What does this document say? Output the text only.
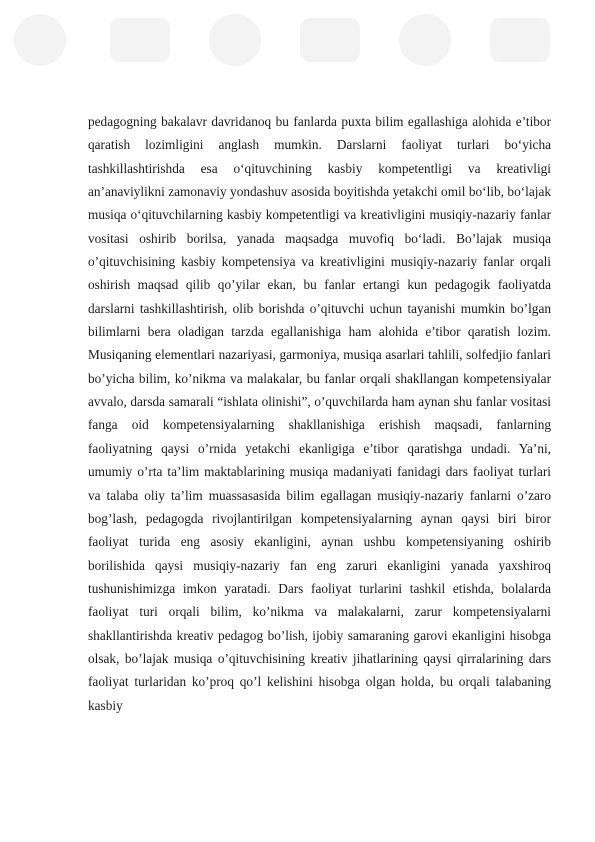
pedagogning bakalavr davridanoq bu fanlarda puxta bilim egallashiga alohida e’tibor qaratish lozimligini anglash mumkin. Darslarni faoliyat turlari bo‘yicha tashkillashtirishda esa o‘qituvchining kasbiy kompetentligi va kreativligi an’anaviylikni zamonaviy yondashuv asosida boyitishda yetakchi omil bo‘lib, bo‘lajak musiqa o‘qituvchilarning kasbiy kompetentligi va kreativligini musiqiy-nazariy fanlar vositasi oshirib borilsa, yanada maqsadga muvofiq bo‘ladi. Bo’lajak musiqa o’qituvchisining kasbiy kompetensiya va kreativligini musiqiy-nazariy fanlar orqali oshirish maqsad qilib qo’yilar ekan, bu fanlar ertangi kun pedagogik faoliyatda darslarni tashkillashtirish, olib borishda o’qituvchi uchun tayanishi mumkin bo’lgan bilimlarni bera oladigan tarzda egallanishiga ham alohida e’tibor qaratish lozim. Musiqaning elementlari nazariyasi, garmoniya, musiqa asarlari tahlili, solfedjio fanlari bo’yicha bilim, ko’nikma va malakalar, bu fanlar orqali shakllangan kompetensiyalar avvalo, darsda samarali “ishlata olinishi”, o’quvchilarda ham aynan shu fanlar vositasi fanga oid kompetensiyalarning shakllanishiga erishish maqsadi, fanlarning faoliyatning qaysi o’rnida yetakchi ekanligiga e’tibor qaratishga undadi. Ya’ni, umumiy o’rta ta’lim maktablarining musiqa madaniyati fanidagi dars faoliyat turlari va talaba oliy ta’lim muassasasida bilim egallagan musiqiy-nazariy fanlarni o’zaro bog’lash, pedagogda rivojlantirilgan kompetensiyalarning aynan qaysi biri biror faoliyat turida eng asosiy ekanligini, aynan ushbu kompetensiyaning oshirib borilishida qaysi musiqiy-nazariy fan eng zaruri ekanligini yanada yaxshiroq tushunishimizga imkon yaratadi. Dars faoliyat turlarini tashkil etishda, bolalarda faoliyat turi orqali bilim, ko’nikma va malakalarni, zarur kompetensiyalarni shakllantirishda kreativ pedagog bo’lish, ijobiy samaraning garovi ekanligini hisobga olsak, bo’lajak musiqa o’qituvchisining kreativ jihatlarining qaysi qirralarining dars faoliyat turlaridan ko’proq qo’l kelishini hisobga olgan holda, bu orqali talabaning kasbiy
